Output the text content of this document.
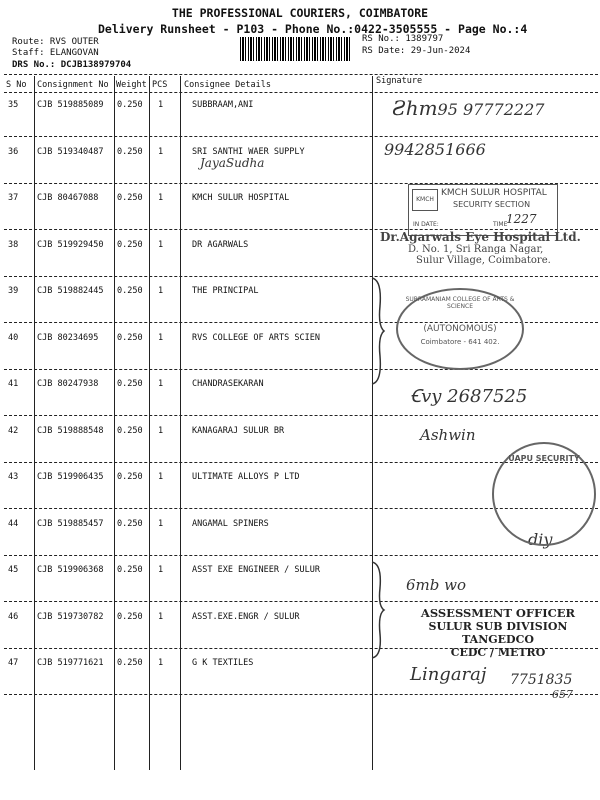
THE PROFESSIONAL COURIERS, COIMBATORE
Delivery Runsheet - P103 - Phone No.:0422-3505555 - Page No.:4
Route: RVS OUTER
Staff: ELANGOVAN
DRS No.: DCJB138979704
RS No.: 1389797
RS Date: 29-Jun-2024
S No Consignment No Weight PCS Consignee Details	Signature
35 CJB 519885089 0.250 1	SUBBRAAM,ANI
36 CJB 519340487 0.250 1	SRI SANTHI WAER SUPPLY
37 CJB 80467088 0.250 1	KMCH SULUR HOSPITAL
38 CJB 519929450 0.250 1	DR AGARWALS
39 CJB 519882445 0.250 1	THE PRINCIPAL
40 CJB 80234695 0.250 1	RVS COLLEGE OF ARTS SCIEN
41 CJB 80247938 0.250 1	CHANDRASEKARAN
42 CJB 519888548 0.250 1	KANAGARAJ SULUR BR
43 CJB 519906435 0.250 1	ULTIMATE ALLOYS P LTD
44 CJB 519885457 0.250 1	ANGAMAL SPINERS
45 CJB 519906368 0.250 1	ASST EXE ENGINEER / SULUR
46 CJB 519730782 0.250 1	ASST.EXE.ENGR / SULUR
47 CJB 519771621 0.250 1	G K TEXTILES
Ƨhm95 97772227
9942851666
JayaSudha
Ꞓvy 2687525
Ashwin
diy
6mb wo
Lingaraj 7751835
657
KMCH
KMCH SULUR HOSPITAL
SECURITY SECTION
IN DATE:	TIME
1227
Dr.Agarwals Eye Hospital Ltd.
D. No. 1, Sri Ranga Nagar,
Sulur Village, Coimbatore.
SUBRAMANIAM COLLEGE OF ARTS & SCIENCE
(AUTONOMOUS)
Coimbatore - 641 402.
UAPU SECURITY
ASSESSMENT OFFICER
SULUR SUB DIVISION
TANGEDCO
CEDC / METRO
